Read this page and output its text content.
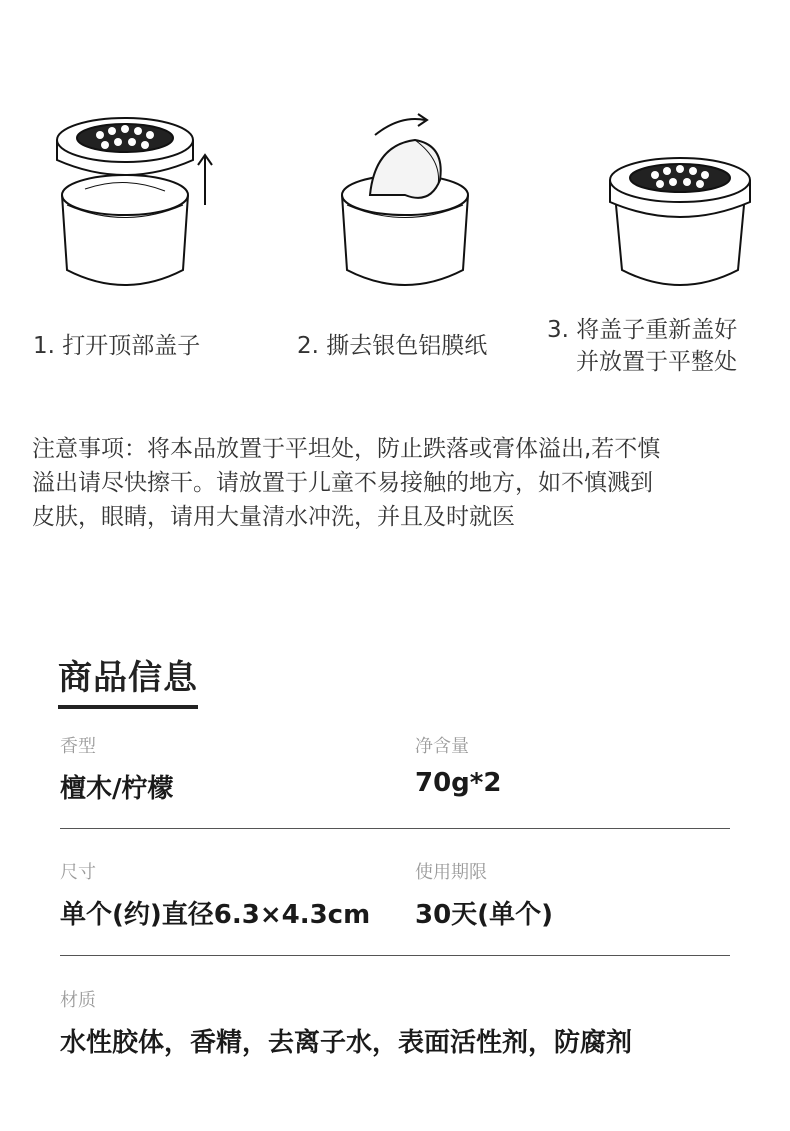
1. 打开顶部盖子	2. 撕去银色铝膜纸
3. 将盖子重新盖好
并放置于平整处
注意事项：将本品放置于平坦处，防止跌落或膏体溢出,若不慎
溢出请尽快擦干。请放置于儿童不易接触的地方，如不慎溅到
皮肤，眼睛，请用大量清水冲洗，并且及时就医
商品信息
香型
檀木/柠檬
净含量
70g*2
尺寸
单个(约)直径6.3×4.3cm
使用期限
30天(单个)
材质
水性胶体，香精，去离子水，表面活性剂，防腐剂
